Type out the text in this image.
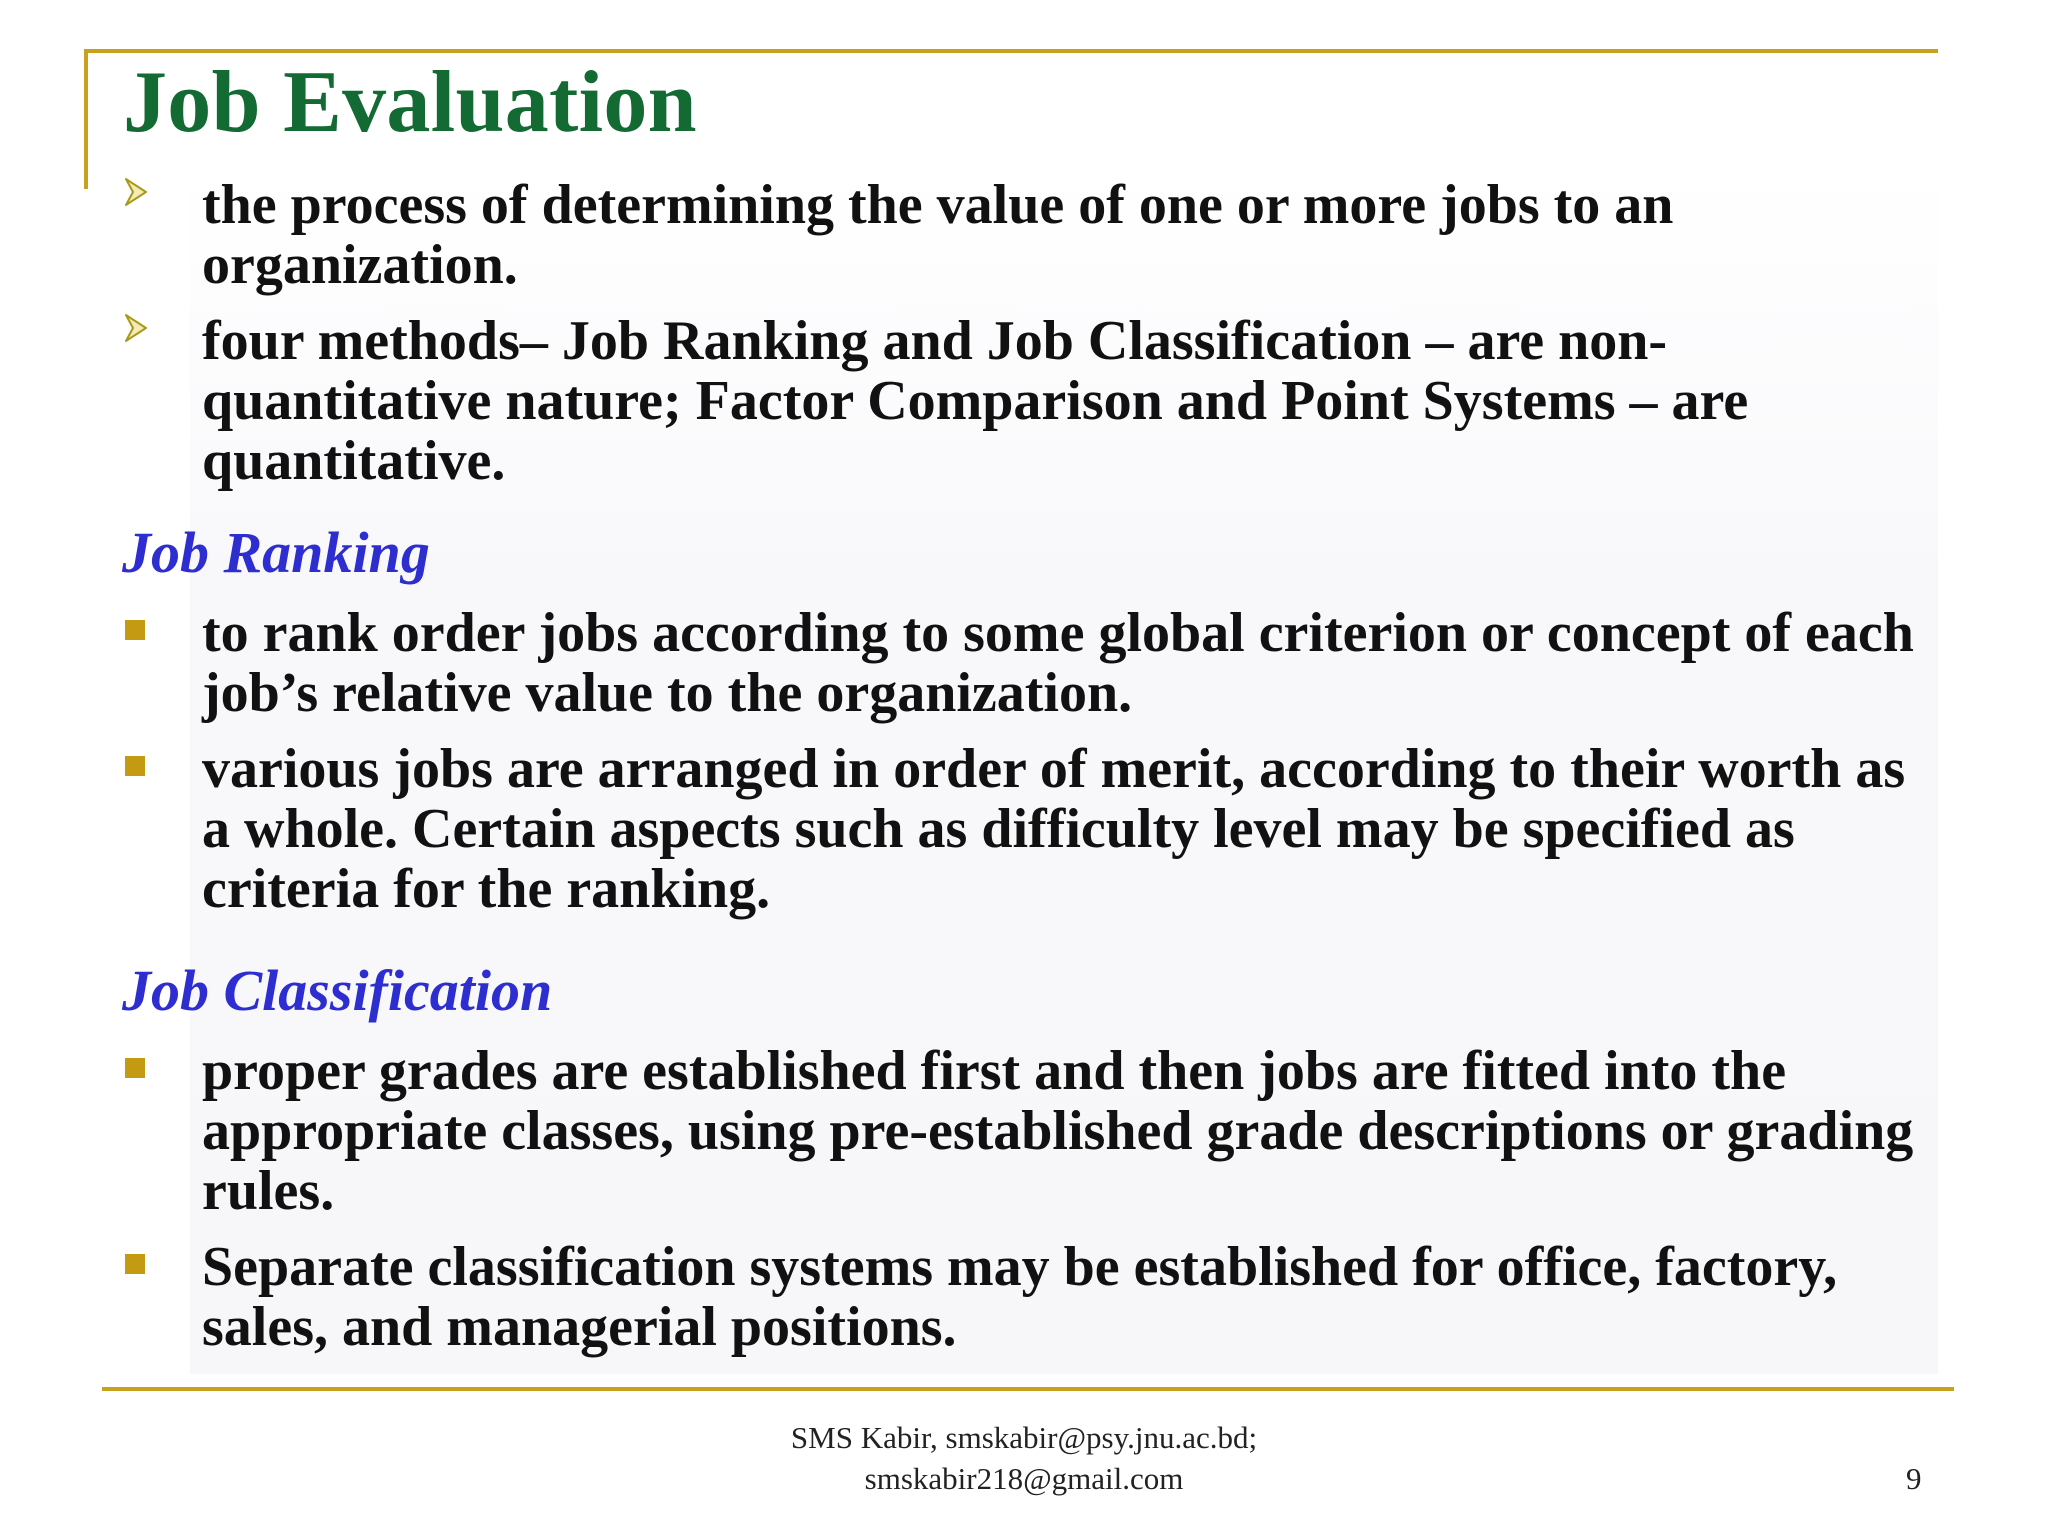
Job Evaluation

the process of determining the value of one or more jobs to an organization.

four methods– Job Ranking and Job Classification – are non-quantitative nature; Factor Comparison and Point Systems – are quantitative.

Job Ranking

to rank order jobs according to some global criterion or concept of each job’s relative value to the organization.

various jobs are arranged in order of merit, according to their worth as a whole. Certain aspects such as difficulty level may be specified as criteria for the ranking.

Job Classification

proper grades are established first and then jobs are fitted into the appropriate classes, using pre-established grade descriptions or grading rules.

Separate classification systems may be established for office, factory, sales, and managerial positions.

SMS Kabir, smskabir@psy.jnu.ac.bd;
smskabir218@gmail.com	9
